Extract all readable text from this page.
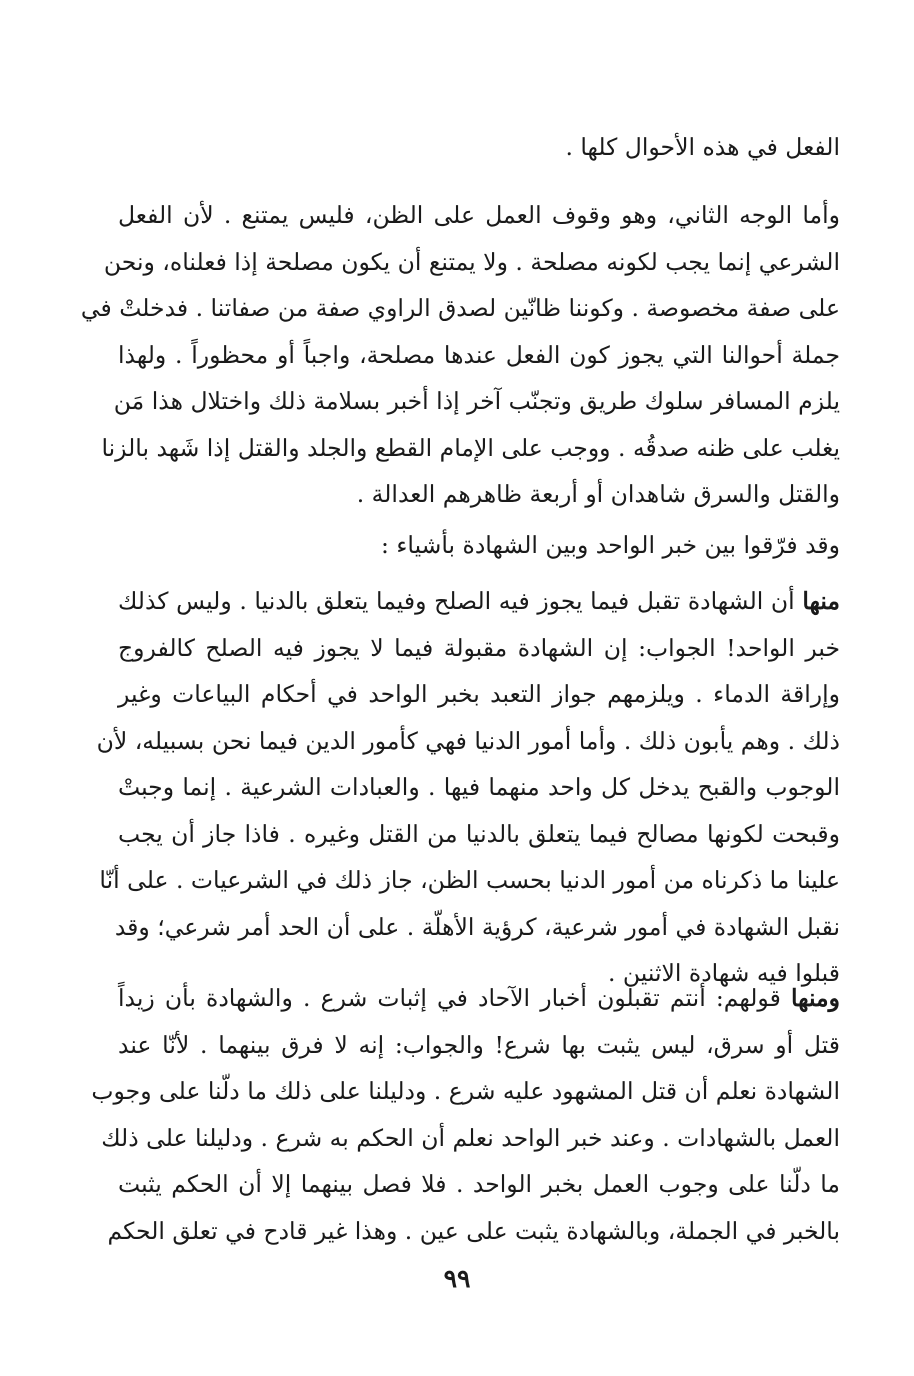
الفعل في هذه الأحوال كلها .
وأما الوجه الثاني، وهو وقوف العمل على الظن، فليس يمتنع . لأن الفعل
الشرعي إنما يجب لكونه مصلحة . ولا يمتنع أن يكون مصلحة إذا فعلناه، ونحن
على صفة مخصوصة . وكوننا ظانّين لصدق الراوي صفة من صفاتنا . فدخلتْ في
جملة أحوالنا التي يجوز كون الفعل عندها مصلحة، واجباً أو محظوراً . ولهذا
يلزم المسافر سلوك طريق وتجنّب آخر إذا أخبر بسلامة ذلك واختلال هذا مَن
يغلب على ظنه صدقُه . ووجب على الإمام القطع والجلد والقتل إذا شَهد بالزنا
والقتل والسرق شاهدان أو أربعة ظاهرهم العدالة .
وقد فرّقوا بين خبر الواحد وبين الشهادة بأشياء :
منها أن الشهادة تقبل فيما يجوز فيه الصلح وفيما يتعلق بالدنيا . وليس كذلك
خبر الواحد! الجواب: إن الشهادة مقبولة فيما لا يجوز فيه الصلح كالفروج
وإراقة الدماء . ويلزمهم جواز التعبد بخبر الواحد في أحكام البياعات وغير
ذلك . وهم يأبون ذلك . وأما أمور الدنيا فهي كأمور الدين فيما نحن بسبيله، لأن
الوجوب والقبح يدخل كل واحد منهما فيها . والعبادات الشرعية . إنما وجبتْ
وقبحت لكونها مصالح فيما يتعلق بالدنيا من القتل وغيره . فاذا جاز أن يجب
علينا ما ذكرناه من أمور الدنيا بحسب الظن، جاز ذلك في الشرعيات . على أنّا
نقبل الشهادة في أمور شرعية، كرؤية الأهلّة . على أن الحد أمر شرعي؛ وقد
قبلوا فيه شهادة الاثنين .
ومنها قولهم: أنتم تقبلون أخبار الآحاد في إثبات شرع . والشهادة بأن زيداً
قتل أو سرق، ليس يثبت بها شرع! والجواب: إنه لا فرق بينهما . لأنّا عند
الشهادة نعلم أن قتل المشهود عليه شرع . ودليلنا على ذلك ما دلّنا على وجوب
العمل بالشهادات . وعند خبر الواحد نعلم أن الحكم به شرع . ودليلنا على ذلك
ما دلّنا على وجوب العمل بخبر الواحد . فلا فصل بينهما إلا أن الحكم يثبت
بالخبر في الجملة، وبالشهادة يثبت على عين . وهذا غير قادح في تعلق الحكم
٩٩
